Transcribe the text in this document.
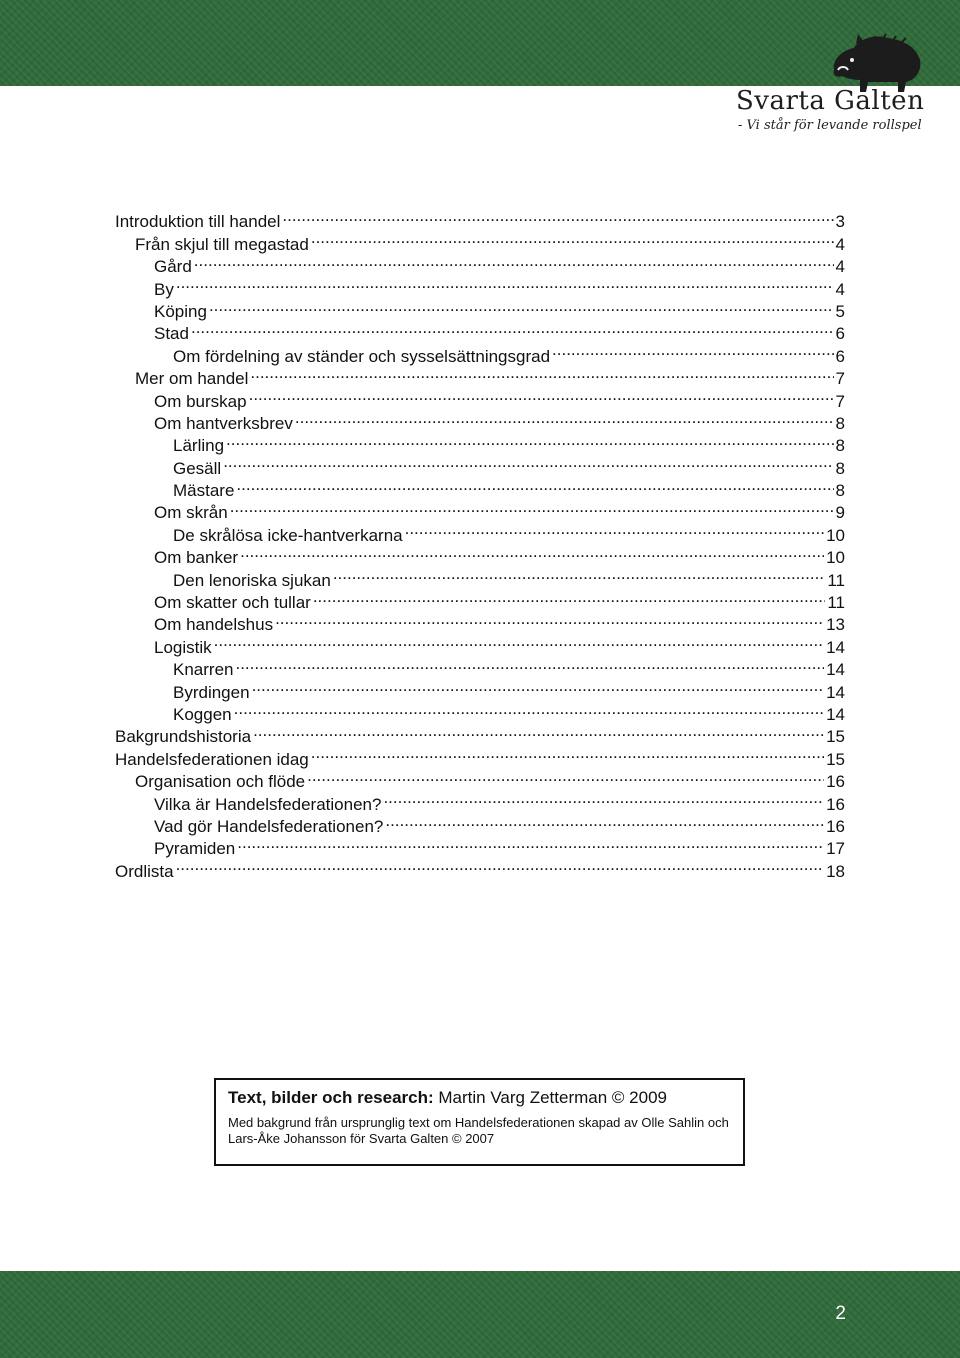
Svarta Galten
- Vi står för levande rollspel
Introduktion till handel .....	3
Från skjul till megastad .....	4
Gård .....	4
By .....	4
Köping .....	5
Stad .....	6
Om fördelning av ständer och sysselsättningsgrad .....	6
Mer om handel .....	7
Om burskap .....	7
Om hantverksbrev .....	8
Lärling .....	8
Gesäll .....	8
Mästare .....	8
Om skrån .....	9
De skrålösa icke-hantverkarna .....	10
Om banker .....	10
Den lenoriska sjukan .....	11
Om skatter och tullar .....	11
Om handelshus .....	13
Logistik .....	14
Knarren .....	14
Byrdingen .....	14
Koggen .....	14
Bakgrundshistoria .....	15
Handelsfederationen idag .....	15
Organisation och flöde .....	16
Vilka är Handelsfederationen? .....	16
Vad gör Handelsfederationen? .....	16
Pyramiden .....	17
Ordlista .....	18
Text, bilder och research: Martin Varg Zetterman © 2009
Med bakgrund från ursprunglig text om Handelsfederationen skapad av Olle Sahlin och Lars-Åke Johansson för Svarta Galten © 2007
2
